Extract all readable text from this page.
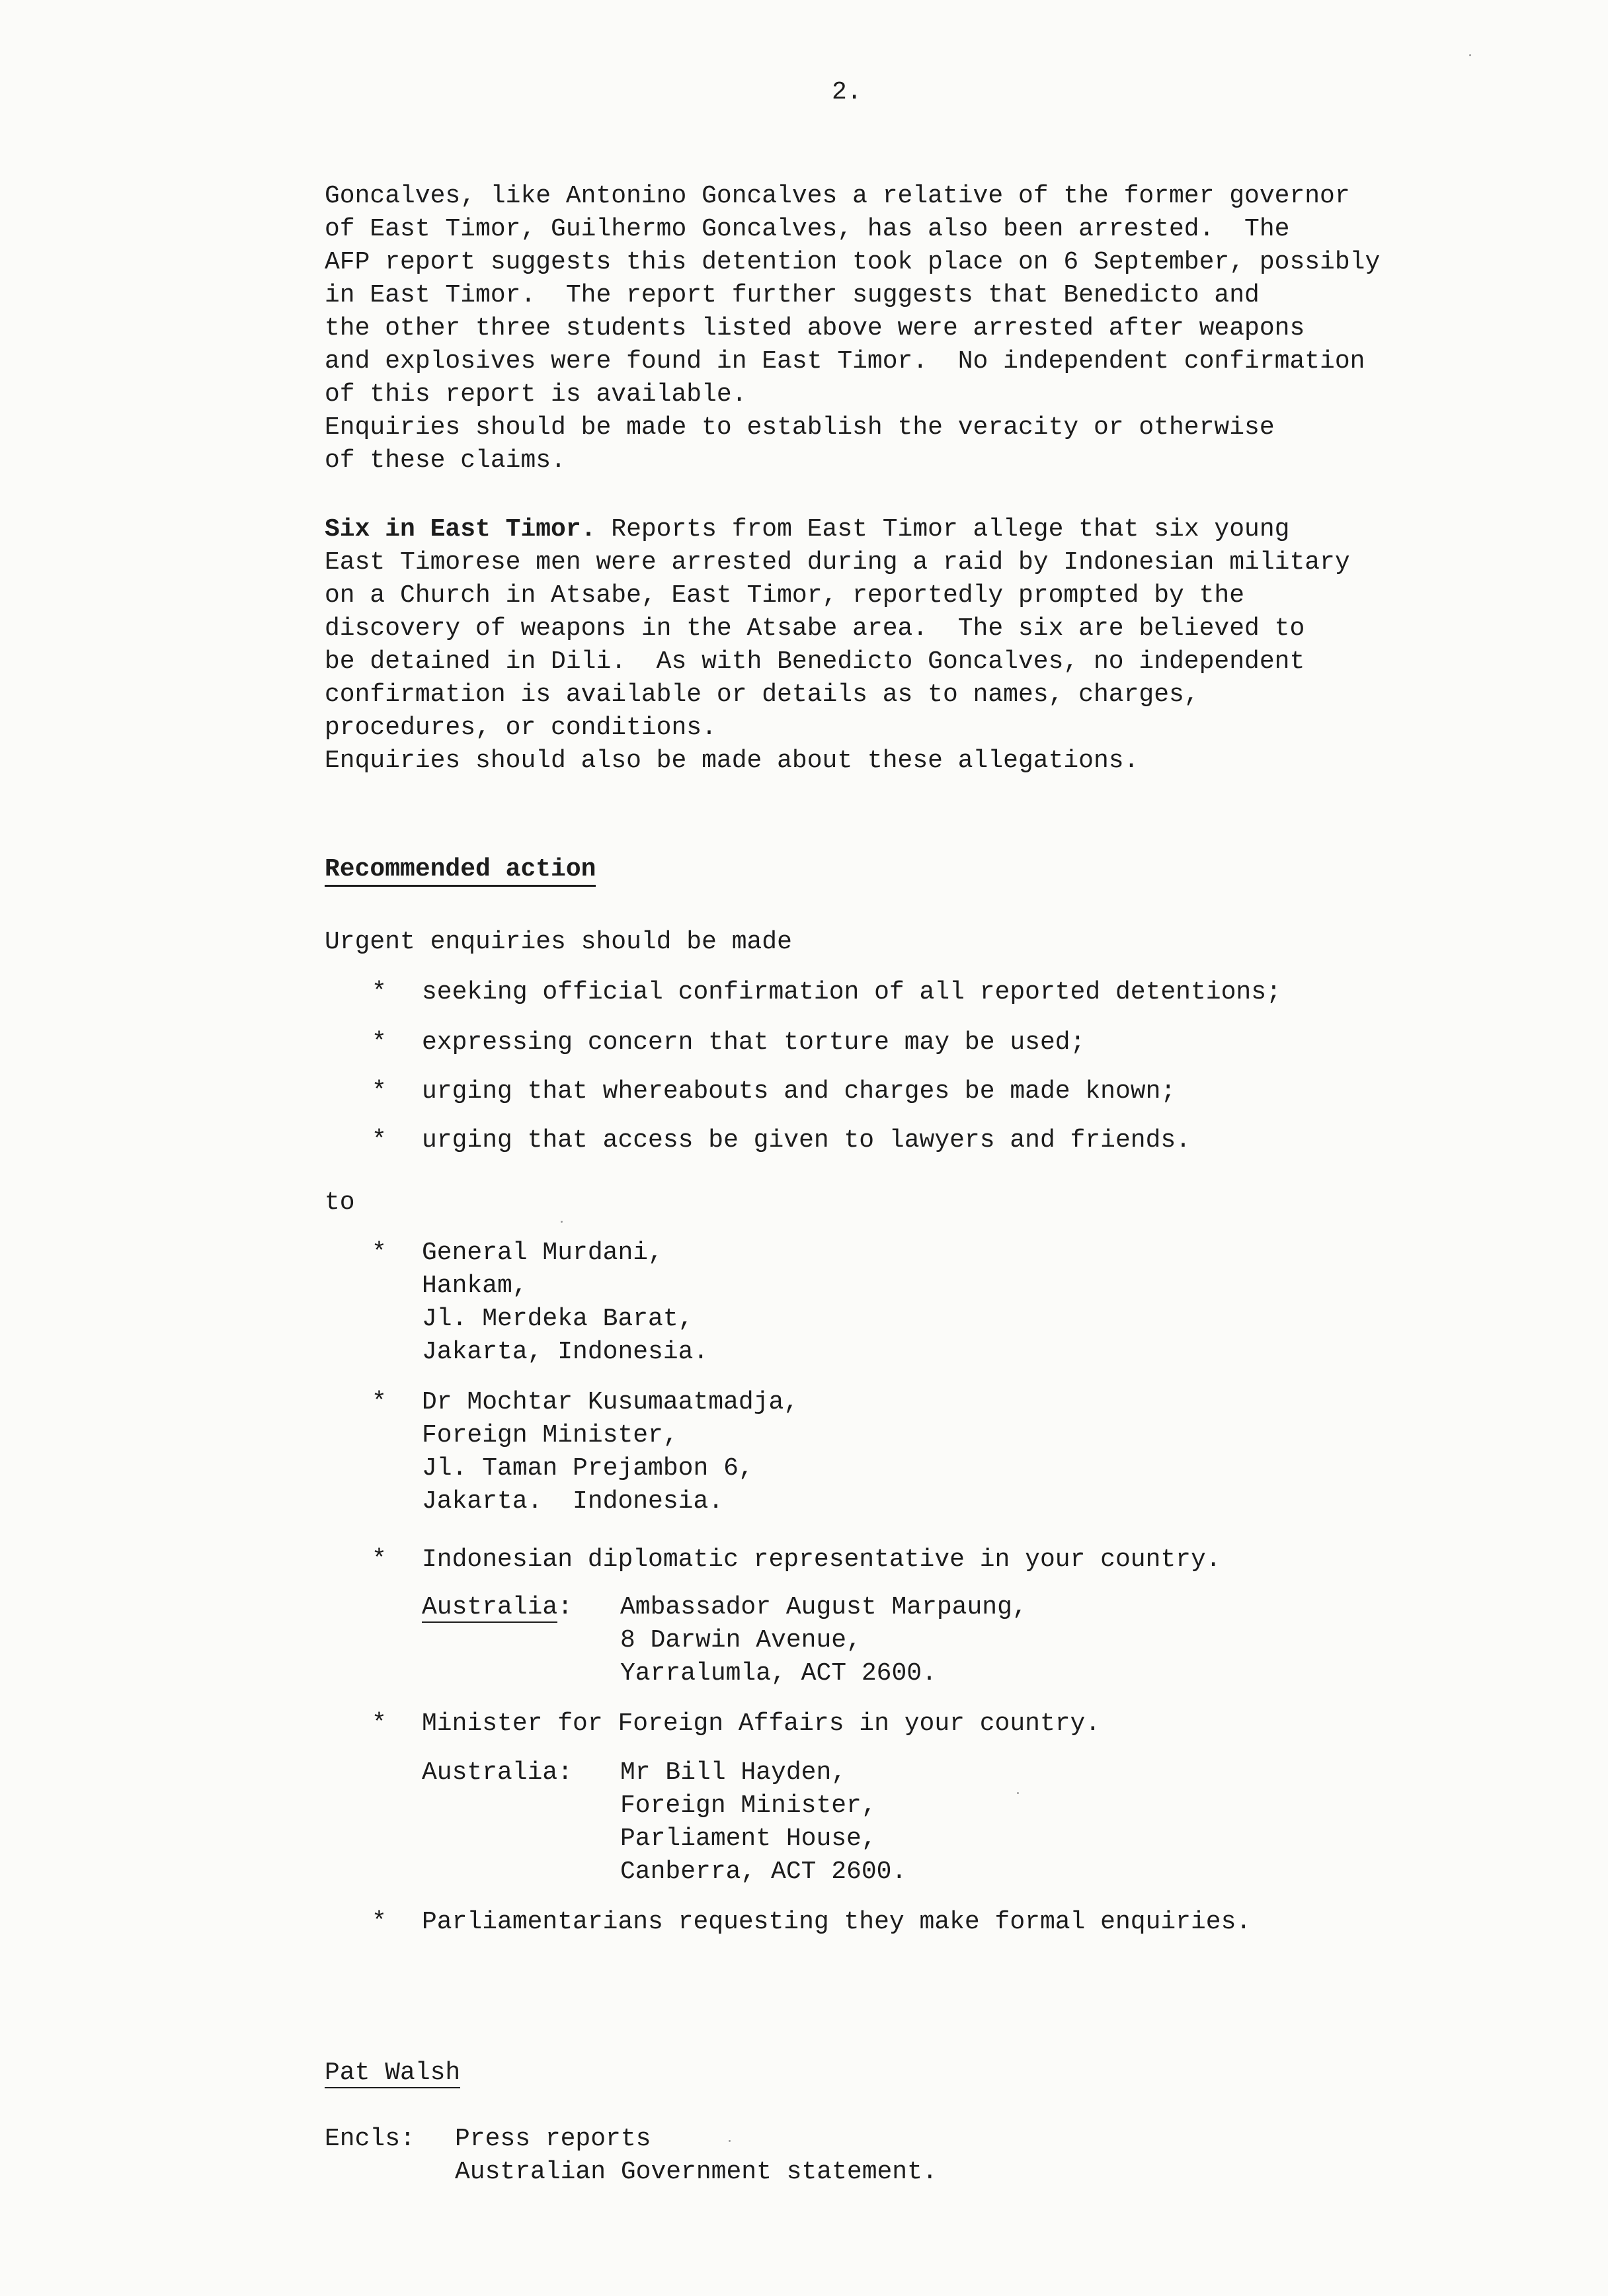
2.
Goncalves, like Antonino Goncalves a relative of the former governor
of East Timor, Guilhermo Goncalves, has also been arrested.  The
AFP report suggests this detention took place on 6 September, possibly
in East Timor.  The report further suggests that Benedicto and
the other three students listed above were arrested after weapons
and explosives were found in East Timor.  No independent confirmation
of this report is available.
Enquiries should be made to establish the veracity or otherwise
of these claims.
Six in East Timor. Reports from East Timor allege that six young
East Timorese men were arrested during a raid by Indonesian military
on a Church in Atsabe, East Timor, reportedly prompted by the
discovery of weapons in the Atsabe area.  The six are believed to
be detained in Dili.  As with Benedicto Goncalves, no independent
confirmation is available or details as to names, charges,
procedures, or conditions.
Enquiries should also be made about these allegations.
Recommended action
Urgent enquiries should be made
* seeking official confirmation of all reported detentions;
* expressing concern that torture may be used;
* urging that whereabouts and charges be made known;
* urging that access be given to lawyers and friends.
to
* General Murdani,
Hankam,
Jl. Merdeka Barat,
Jakarta, Indonesia.
* Dr Mochtar Kusumaatmadja,
Foreign Minister,
Jl. Taman Prejambon 6,
Jakarta.  Indonesia.
* Indonesian diplomatic representative in your country.
Australia: Ambassador August Marpaung,
8 Darwin Avenue,
Yarralumla, ACT 2600.
* Minister for Foreign Affairs in your country.
Australia: Mr Bill Hayden,
Foreign Minister,
Parliament House,
Canberra, ACT 2600.
* Parliamentarians requesting they make formal enquiries.
Pat Walsh
Encls: Press reports
Australian Government statement.
